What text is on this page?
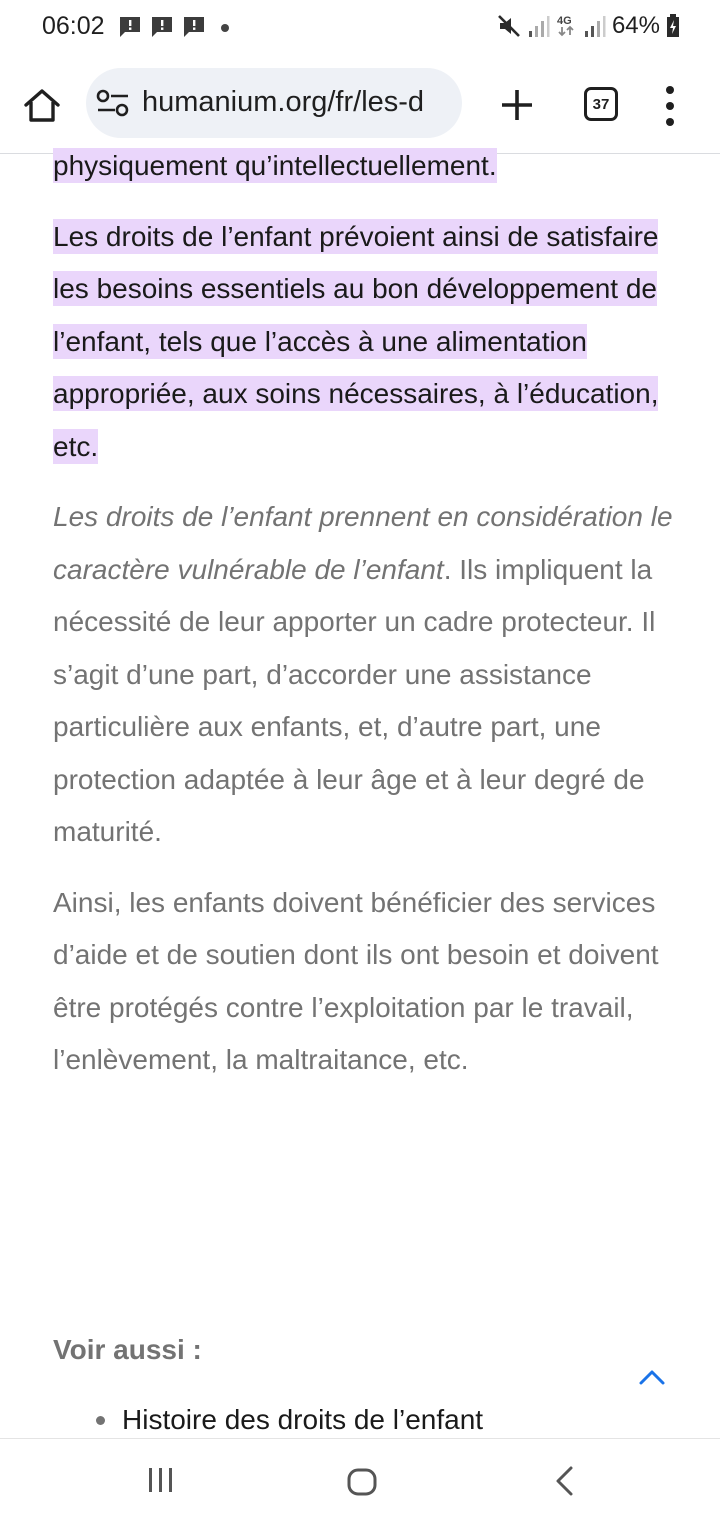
06:02	4G 64%
humanium.org/fr/les-d	37

physiquement qu’intellectuellement.

Les droits de l’enfant prévoient ainsi de satisfaire les besoins essentiels au bon développement de l’enfant, tels que l’accès à une alimentation appropriée, aux soins nécessaires, à l’éducation, etc.

Les droits de l’enfant prennent en considération le caractère vulnérable de l’enfant. Ils impliquent la nécessité de leur apporter un cadre protecteur. Il s’agit d’une part, d’accorder une assistance particulière aux enfants, et, d’autre part, une protection adaptée à leur âge et à leur degré de maturité.

Ainsi, les enfants doivent bénéficier des services d’aide et de soutien dont ils ont besoin et doivent être protégés contre l’exploitation par le travail, l’enlèvement, la maltraitance, etc.

Voir aussi :
Histoire des droits de l’enfant
